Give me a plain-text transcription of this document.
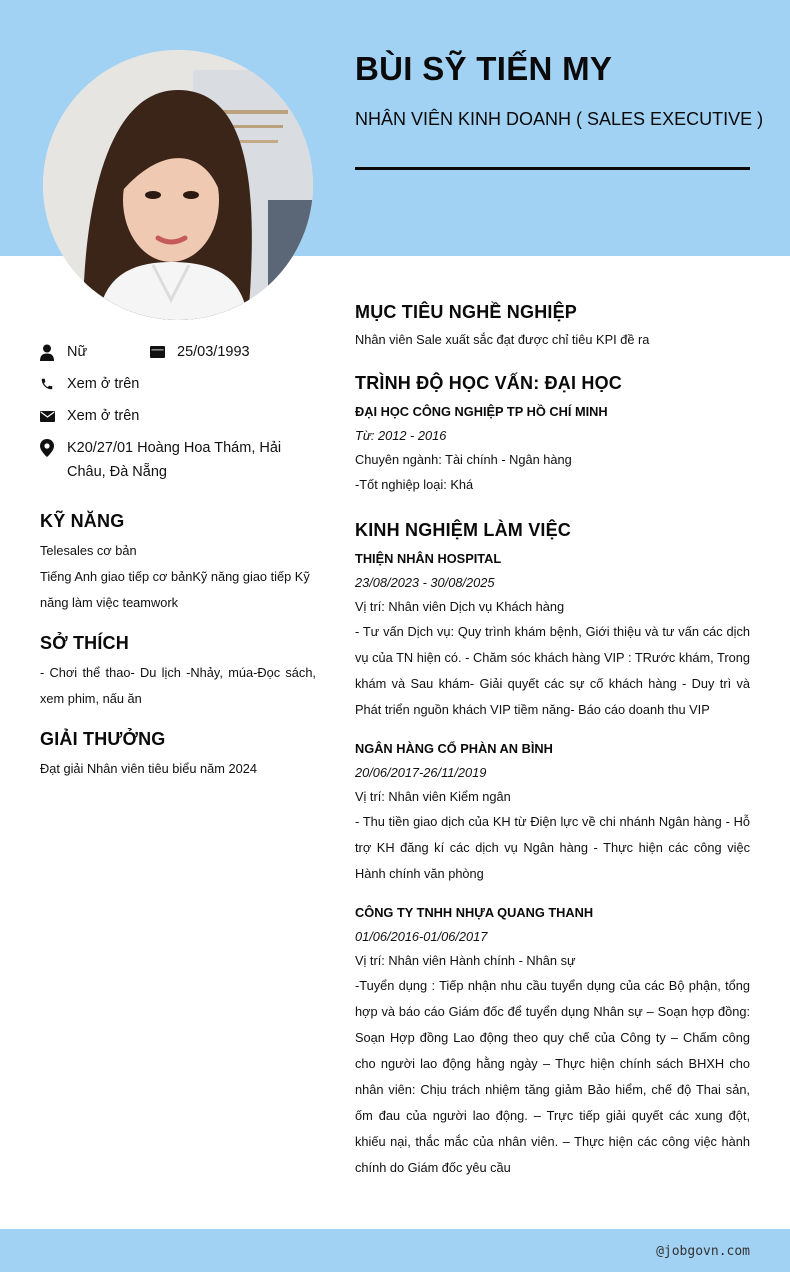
BÙI SỸ TIẾN MY
NHÂN VIÊN KINH DOANH ( SALES EXECUTIVE )
Nữ	25/03/1993
Xem ở trên
Xem ở trên
K20/27/01 Hoàng Hoa Thám, Hải
Châu, Đà Nẵng
KỸ NĂNG
Telesales cơ bản
Tiếng Anh giao tiếp cơ bảnKỹ năng giao tiếp Kỹ
năng làm việc teamwork
SỞ THÍCH
- Chơi thể thao- Du lịch -Nhảy, múa-Đọc sách, xem phim, nấu ăn
GIẢI THƯỞNG
Đạt giải Nhân viên tiêu biểu năm 2024
MỤC TIÊU NGHỀ NGHIỆP
Nhân viên Sale xuất sắc đạt được chỉ tiêu KPI đề ra
TRÌNH ĐỘ HỌC VẤN: ĐẠI HỌC
ĐẠI HỌC CÔNG NGHIỆP TP HỒ CHÍ MINH
Từ: 2012 - 2016
Chuyên ngành: Tài chính - Ngân hàng
-Tốt nghiệp loại: Khá
KINH NGHIỆM LÀM VIỆC
THIỆN NHÂN HOSPITAL
23/08/2023 - 30/08/2025
Vị trí: Nhân viên Dịch vụ Khách hàng
- Tư vấn Dịch vụ: Quy trình khám bệnh, Giới thiệu và tư vấn các dịch vụ của TN hiện có. - Chăm sóc khách hàng VIP : TRước khám, Trong khám và Sau khám- Giải quyết các sự cố khách hàng - Duy trì và Phát triển nguồn khách VIP tiềm năng- Báo cáo doanh thu VIP
NGÂN HÀNG CỔ PHÀN AN BÌNH
20/06/2017-26/11/2019
Vị trí: Nhân viên Kiểm ngân
- Thu tiền giao dịch của KH từ Điện lực về chi nhánh Ngân hàng - Hỗ trợ KH đăng kí các dịch vụ Ngân hàng - Thực hiện các công việc Hành chính văn phòng
CÔNG TY TNHH NHỰA QUANG THANH
01/06/2016-01/06/2017
Vị trí: Nhân viên Hành chính - Nhân sự
-Tuyển dụng : Tiếp nhận nhu cầu tuyển dụng của các Bộ phận, tổng hợp và báo cáo Giám đốc để tuyển dụng Nhân sự – Soạn hợp đồng: Soạn Hợp đồng Lao động theo quy chế của Công ty – Chấm công cho người lao động hằng ngày – Thực hiện chính sách BHXH cho nhân viên: Chịu trách nhiệm tăng giảm Bảo hiểm, chế độ Thai sản, ốm đau của người lao động. – Trực tiếp giải quyết các xung đột, khiếu nại, thắc mắc của nhân viên. – Thực hiện các công việc hành chính do Giám đốc yêu cầu
@jobgovn.com
